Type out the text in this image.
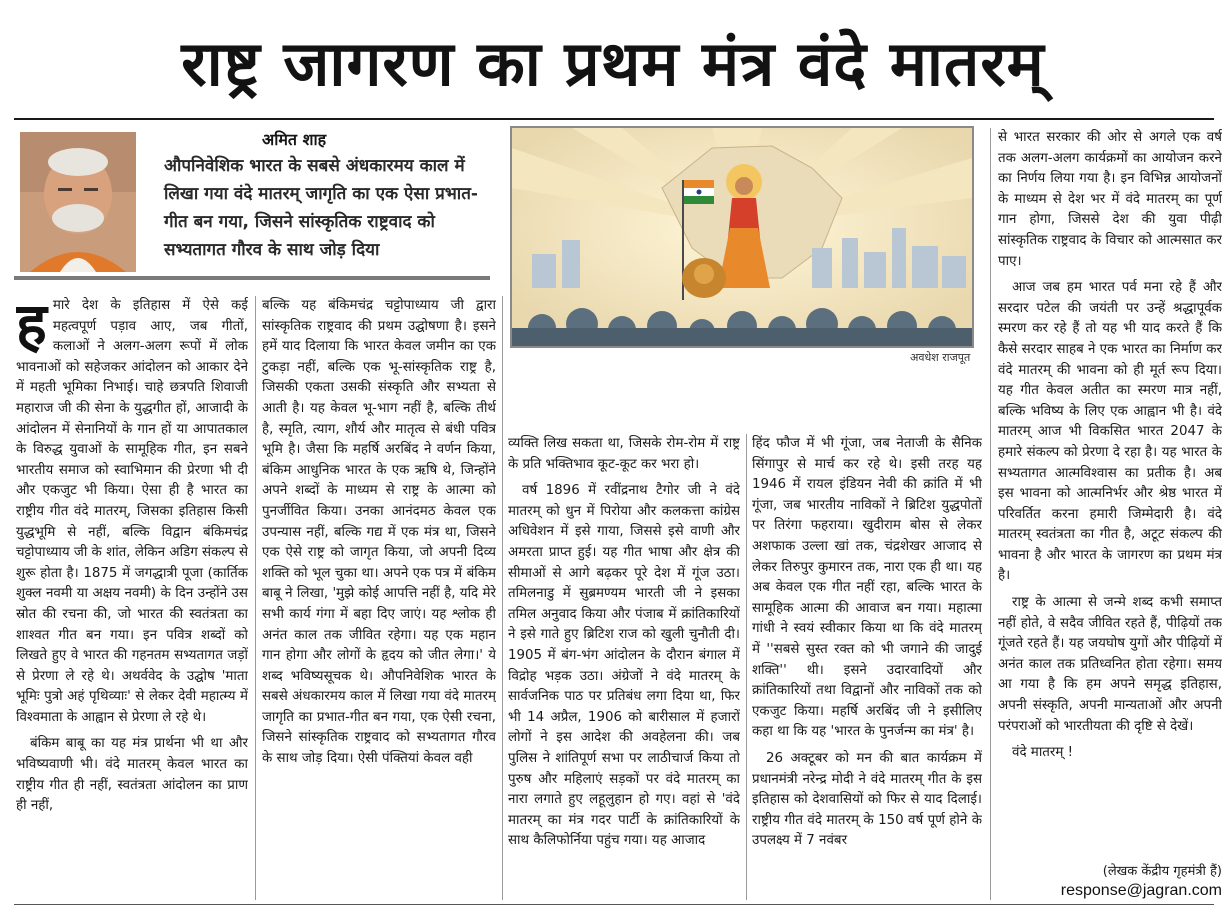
राष्ट्र जागरण का प्रथम मंत्र वंदे मातरम्
अमित शाह
औपनिवेशिक भारत के सबसे अंधकारमय काल में लिखा गया वंदे मातरम् जागृति का एक ऐसा प्रभात-गीत बन गया, जिसने सांस्कृतिक राष्ट्रवाद को सभ्यतागत गौरव के साथ जोड़ दिया

हमारे देश के इतिहास में ऐसे कई महत्वपूर्ण पड़ाव आए, जब गीतों, कलाओं ने अलग-अलग रूपों में लोक भावनाओं को सहेजकर आंदोलन को आकार देने में महती भूमिका निभाई। चाहे छत्रपति शिवाजी महाराज जी की सेना के युद्धगीत हों, आजादी के आंदोलन में सेनानियों के गान हों या आपातकाल के विरुद्ध युवाओं के सामूहिक गीत, इन सबने भारतीय समाज को स्वाभिमान की प्रेरणा भी दी और एकजुट भी किया। ऐसा ही है भारत का राष्ट्रीय गीत वंदे मातरम्, जिसका इतिहास किसी युद्धभूमि से नहीं, बल्कि विद्वान बंकिमचंद्र चट्टोपाध्याय जी के शांत, लेकिन अडिग संकल्प से शुरू होता है। 1875 में जगद्धात्री पूजा (कार्तिक शुक्ल नवमी या अक्षय नवमी) के दिन उन्होंने उस स्रोत की रचना की, जो भारत की स्वतंत्रता का शाश्वत गीत बन गया। इन पवित्र शब्दों को लिखते हुए वे भारत की गहनतम सभ्यतागत जड़ों से प्रेरणा ले रहे थे। अथर्ववेद के उद्घोष 'माता भूमिः पुत्रो अहं पृथिव्याः' से लेकर देवी महात्म्य में विश्वमाता के आह्वान से प्रेरणा ले रहे थे।

बंकिम बाबू का यह मंत्र प्रार्थना भी था और भविष्यवाणी भी। वंदे मातरम् केवल भारत का राष्ट्रीय गीत ही नहीं, स्वतंत्रता आंदोलन का प्राण ही नहीं,

बल्कि यह बंकिमचंद्र चट्टोपाध्याय जी द्वारा सांस्कृतिक राष्ट्रवाद की प्रथम उद्घोषणा है। इसने हमें याद दिलाया कि भारत केवल जमीन का एक टुकड़ा नहीं, बल्कि एक भू-सांस्कृतिक राष्ट्र है, जिसकी एकता उसकी संस्कृति और सभ्यता से आती है। यह केवल भू-भाग नहीं है, बल्कि तीर्थ है, स्मृति, त्याग, शौर्य और मातृत्व से बंधी पवित्र भूमि है। जैसा कि महर्षि अरबिंद ने वर्णन किया, बंकिम आधुनिक भारत के एक ऋषि थे, जिन्होंने अपने शब्दों के माध्यम से राष्ट्र के आत्मा को पुनर्जीवित किया। उनका आनंदमठ केवल एक उपन्यास नहीं, बल्कि गद्य में एक मंत्र था, जिसने एक ऐसे राष्ट्र को जागृत किया, जो अपनी दिव्य शक्ति को भूल चुका था। अपने एक पत्र में बंकिम बाबू ने लिखा, 'मुझे कोई आपत्ति नहीं है, यदि मेरे सभी कार्य गंगा में बहा दिए जाएं। यह श्लोक ही अनंत काल तक जीवित रहेगा। यह एक महान गान होगा और लोगों के हृदय को जीत लेगा।' ये शब्द भविष्यसूचक थे। औपनिवेशिक भारत के सबसे अंधकारमय काल में लिखा गया वंदे मातरम् जागृति का प्रभात-गीत बन गया, एक ऐसी रचना, जिसने सांस्कृतिक राष्ट्रवाद को सभ्यतागत गौरव के साथ जोड़ दिया। ऐसी पंक्तियां केवल वही

अवधेश राजपूत

व्यक्ति लिख सकता था, जिसके रोम-रोम में राष्ट्र के प्रति भक्तिभाव कूट-कूट कर भरा हो।

वर्ष 1896 में रवींद्रनाथ टैगोर जी ने वंदे मातरम् को धुन में पिरोया और कलकत्ता कांग्रेस अधिवेशन में इसे गाया, जिससे इसे वाणी और अमरता प्राप्त हुई। यह गीत भाषा और क्षेत्र की सीमाओं से आगे बढ़कर पूरे देश में गूंज उठा। तमिलनाडु में सुब्रमण्यम भारती जी ने इसका तमिल अनुवाद किया और पंजाब में क्रांतिकारियों ने इसे गाते हुए ब्रिटिश राज को खुली चुनौती दी। 1905 में बंग-भंग आंदोलन के दौरान बंगाल में विद्रोह भड़क उठा। अंग्रेजों ने वंदे मातरम् के सार्वजनिक पाठ पर प्रतिबंध लगा दिया था, फिर भी 14 अप्रैल, 1906 को बारीसाल में हजारों लोगों ने इस आदेश की अवहेलना की। जब पुलिस ने शांतिपूर्ण सभा पर लाठीचार्ज किया तो पुरुष और महिलाएं सड़कों पर वंदे मातरम् का नारा लगाते हुए लहूलुहान हो गए। वहां से 'वंदे मातरम् का मंत्र गदर पार्टी के क्रांतिकारियों के साथ कैलिफोर्निया पहुंच गया। यह आजाद

हिंद फौज में भी गूंजा, जब नेताजी के सैनिक सिंगापुर से मार्च कर रहे थे। इसी तरह यह 1946 में रायल इंडियन नेवी की क्रांति में भी गूंजा, जब भारतीय नाविकों ने ब्रिटिश युद्धपोतों पर तिरंगा फहराया। खुदीराम बोस से लेकर अशफाक उल्ला खां तक, चंद्रशेखर आजाद से लेकर तिरुपुर कुमारन तक, नारा एक ही था। यह अब केवल एक गीत नहीं रहा, बल्कि भारत के सामूहिक आत्मा की आवाज बन गया। महात्मा गांधी ने स्वयं स्वीकार किया था कि वंदे मातरम् में ''सबसे सुस्त रक्त को भी जगाने की जादुई शक्ति'' थी। इसने उदारवादियों और क्रांतिकारियों तथा विद्वानों और नाविकों तक को एकजुट किया। महर्षि अरबिंद जी ने इसीलिए कहा था कि यह 'भारत के पुनर्जन्म का मंत्र' है।

26 अक्टूबर को मन की बात कार्यक्रम में प्रधानमंत्री नरेन्द्र मोदी ने वंदे मातरम् गीत के इस इतिहास को देशवासियों को फिर से याद दिलाई। राष्ट्रीय गीत वंदे मातरम् के 150 वर्ष पूर्ण होने के उपलक्ष्य में 7 नवंबर

से भारत सरकार की ओर से अगले एक वर्ष तक अलग-अलग कार्यक्रमों का आयोजन करने का निर्णय लिया गया है। इन विभिन्न आयोजनों के माध्यम से देश भर में वंदे मातरम् का पूर्ण गान होगा, जिससे देश की युवा पीढ़ी सांस्कृतिक राष्ट्रवाद के विचार को आत्मसात कर पाए।

आज जब हम भारत पर्व मना रहे हैं और सरदार पटेल की जयंती पर उन्हें श्रद्धापूर्वक स्मरण कर रहे हैं तो यह भी याद करते हैं कि कैसे सरदार साहब ने एक भारत का निर्माण कर वंदे मातरम् की भावना को ही मूर्त रूप दिया। यह गीत केवल अतीत का स्मरण मात्र नहीं, बल्कि भविष्य के लिए एक आह्वान भी है। वंदे मातरम् आज भी विकसित भारत 2047 के हमारे संकल्प को प्रेरणा दे रहा है। यह भारत के सभ्यतागत आत्मविश्वास का प्रतीक है। अब इस भावना को आत्मनिर्भर और श्रेष्ठ भारत में परिवर्तित करना हमारी जिम्मेदारी है। वंदे मातरम् स्वतंत्रता का गीत है, अटूट संकल्प की भावना है और भारत के जागरण का प्रथम मंत्र है।

राष्ट्र के आत्मा से जन्मे शब्द कभी समाप्त नहीं होते, वे सदैव जीवित रहते हैं, पीढ़ियों तक गूंजते रहते हैं। यह जयघोष युगों और पीढ़ियों में अनंत काल तक प्रतिध्वनित होता रहेगा। समय आ गया है कि हम अपने समृद्ध इतिहास, अपनी संस्कृति, अपनी मान्यताओं और अपनी परंपराओं को भारतीयता की दृष्टि से देखें।

वंदे मातरम् !

(लेखक केंद्रीय गृहमंत्री हैं)
response@jagran.com
